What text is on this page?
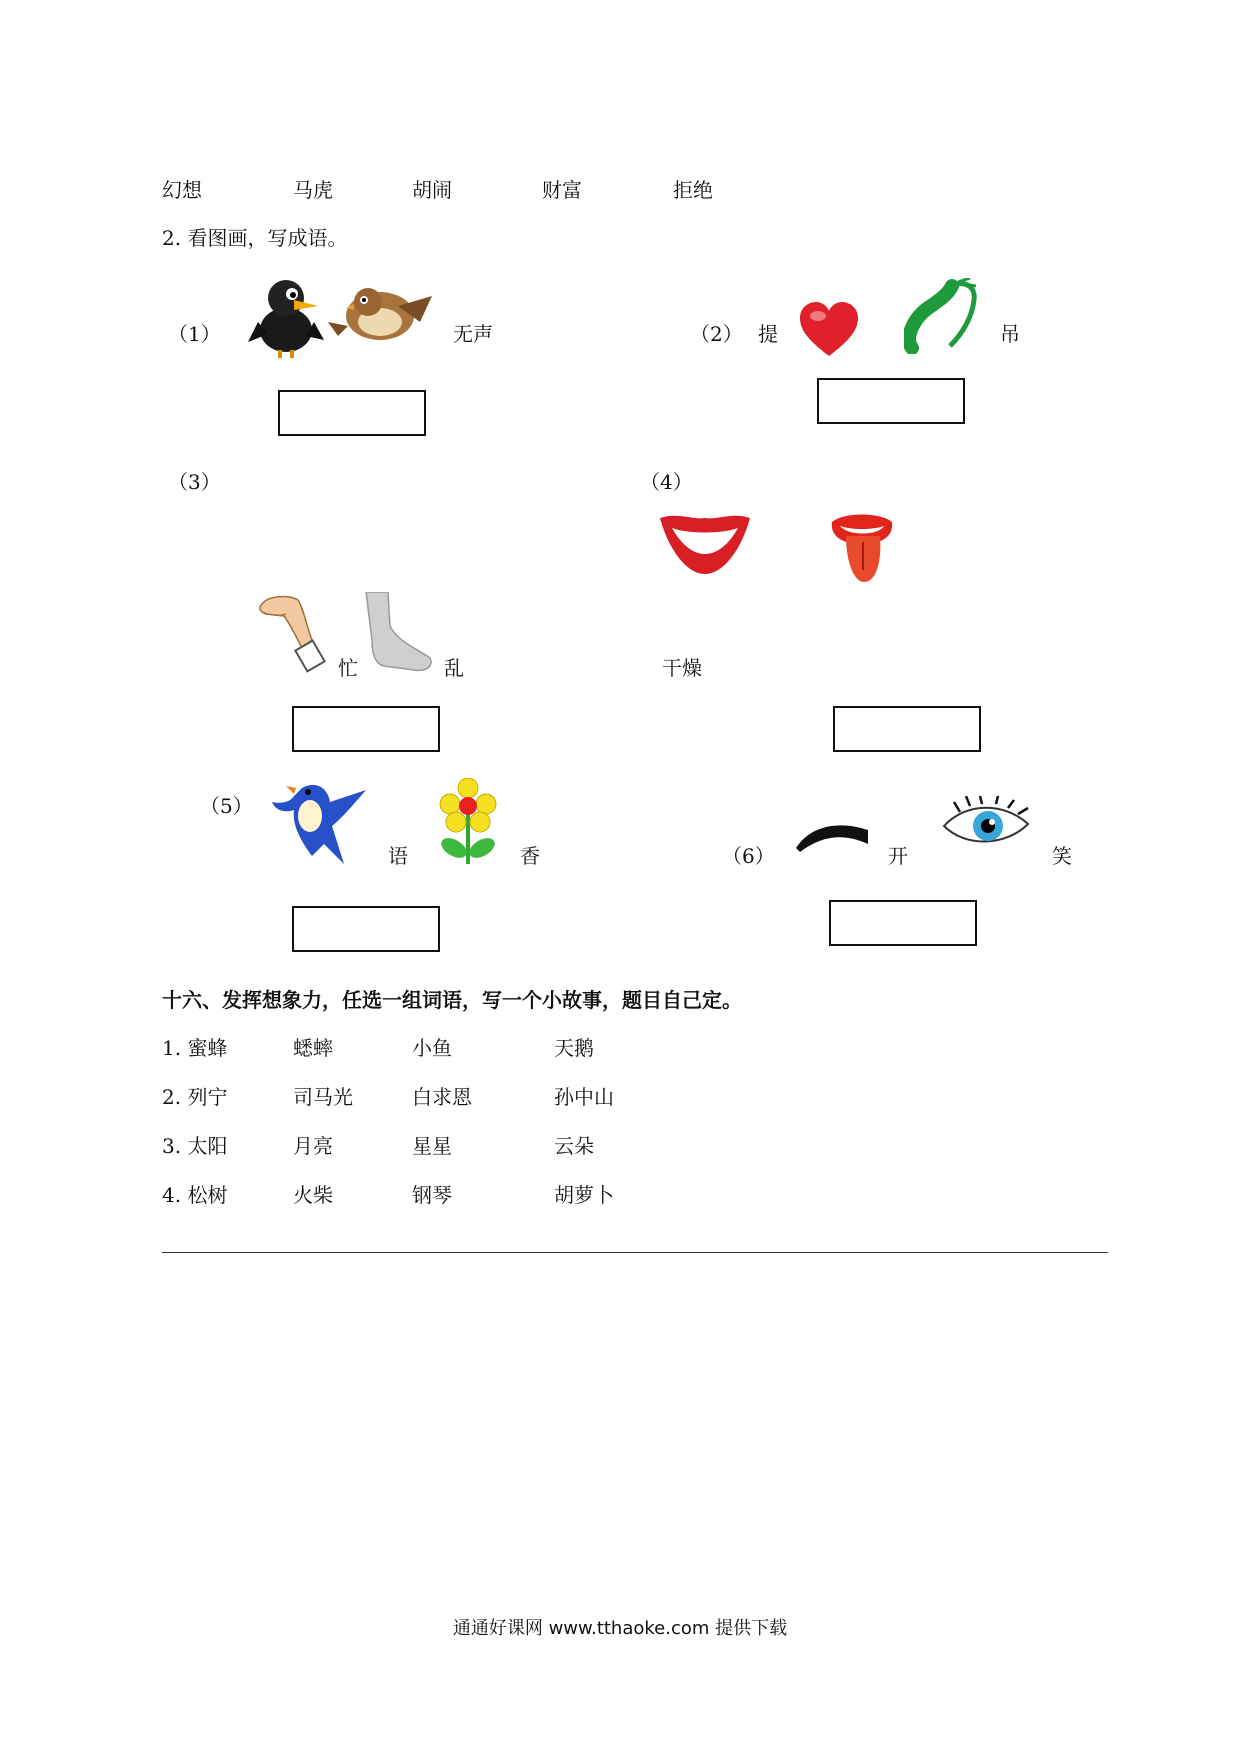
幻想	马虎	胡闹	财富	拒绝
2. 看图画，写成语。
（1）	无声	（2） 提	吊
（3）
忙	乱
（4）
干燥
（5）
语	香	（6）	开	笑
十六、发挥想象力，任选一组词语，写一个小故事，题目自己定。
1. 蜜蜂	蟋蟀	小鱼	天鹅
2. 列宁	司马光	白求恩	孙中山
3. 太阳	月亮	星星	云朵
4. 松树	火柴	钢琴	胡萝卜
通通好课网 www.tthaoke.com 提供下载
